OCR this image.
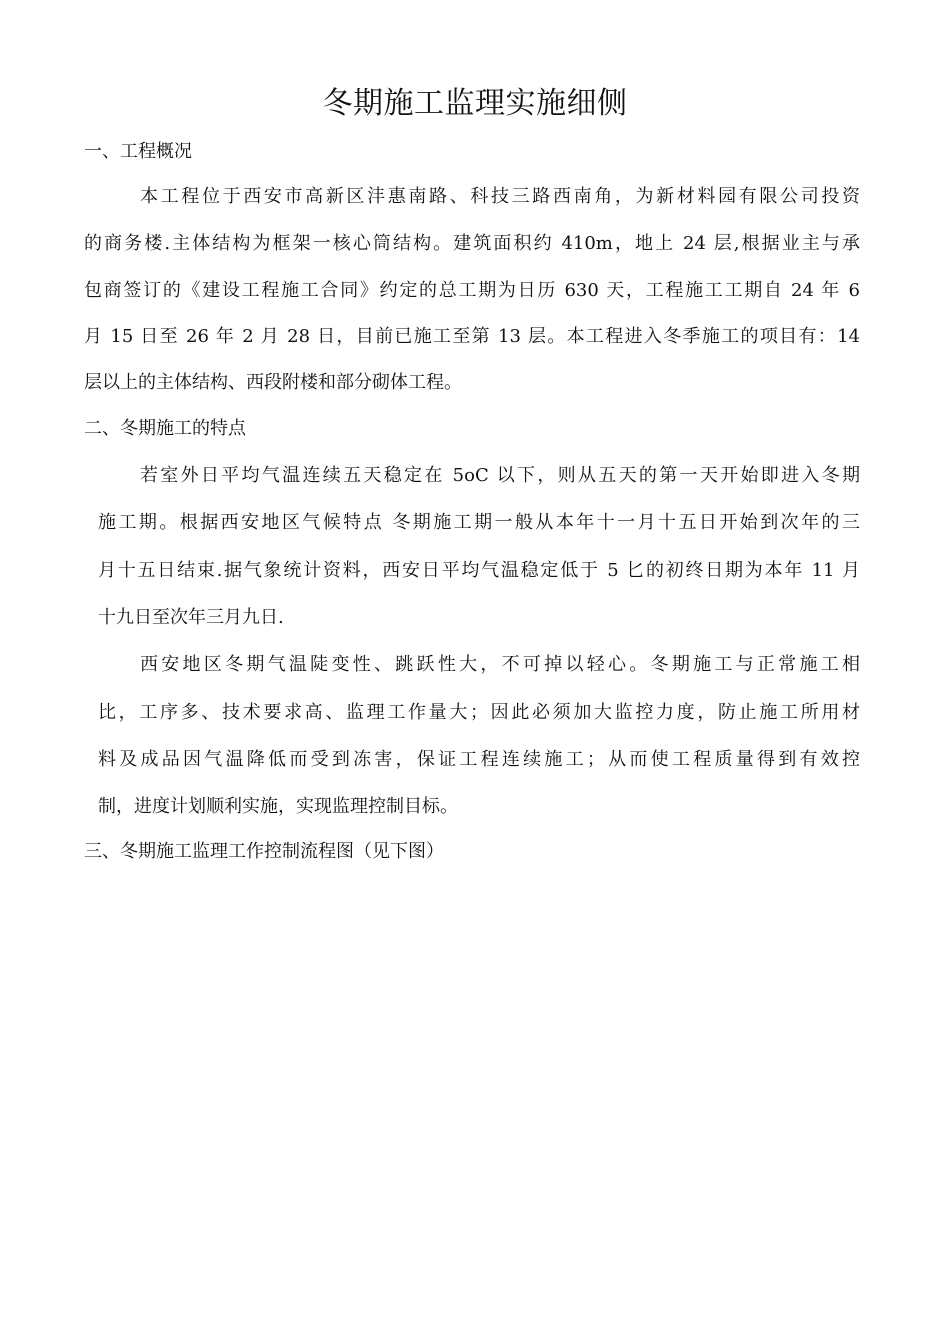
冬期施工监理实施细侧
一、工程概况
本工程位于西安市高新区沣惠南路、科技三路西南角，为新材料园有限公司投资
的商务楼.主体结构为框架一核心筒结构。建筑面积约 410m，地上 24 层,根据业主与承
包商签订的《建设工程施工合同》约定的总工期为日历 630 天，工程施工工期自 24 年 6
月 15 日至 26 年 2 月 28 日，目前已施工至第 13 层。本工程进入冬季施工的项目有：14
层以上的主体结构、西段附楼和部分砌体工程。
二、冬期施工的特点
若室外日平均气温连续五天稳定在 5oC 以下，则从五天的第一天开始即进入冬期
施工期。根据西安地区气候特点 冬期施工期一般从本年十一月十五日开始到次年的三
月十五日结束.据气象统计资料，西安日平均气温稳定低于 5 匕的初终日期为本年 11 月
十九日至次年三月九日.
西安地区冬期气温陡变性、跳跃性大，不可掉以轻心。冬期施工与正常施工相
比，工序多、技术要求高、监理工作量大；因此必须加大监控力度，防止施工所用材
料及成品因气温降低而受到冻害，保证工程连续施工；从而使工程质量得到有效控
制，进度计划顺利实施，实现监理控制目标。
三、冬期施工监理工作控制流程图（见下图）
